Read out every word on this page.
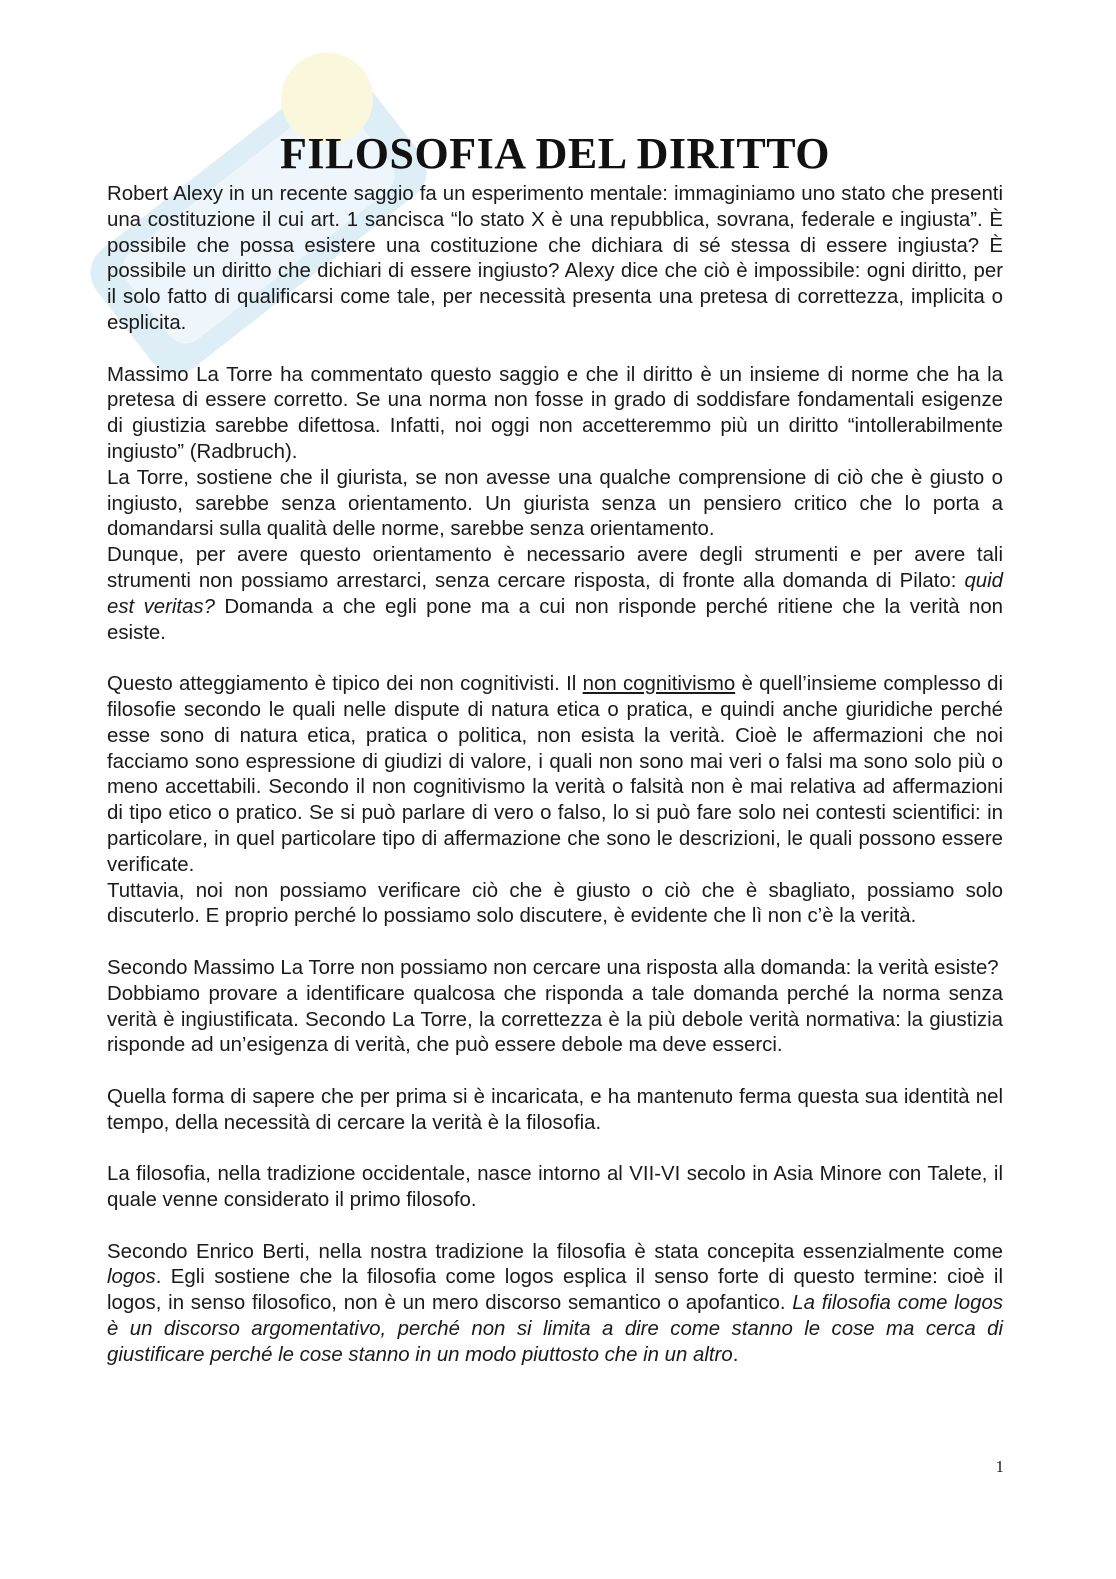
FILOSOFIA DEL DIRITTO

Robert Alexy in un recente saggio fa un esperimento mentale: immaginiamo uno stato che presenti una costituzione il cui art. 1 sancisca “lo stato X è una repubblica, sovrana, federale e ingiusta”. È possibile che possa esistere una costituzione che dichiara di sé stessa di essere ingiusta? È possibile un diritto che dichiari di essere ingiusto? Alexy dice che ciò è impossibile: ogni diritto, per il solo fatto di qualificarsi come tale, per necessità presenta una pretesa di correttezza, implicita o esplicita.

Massimo La Torre ha commentato questo saggio e che il diritto è un insieme di norme che ha la pretesa di essere corretto. Se una norma non fosse in grado di soddisfare fondamentali esigenze di giustizia sarebbe difettosa. Infatti, noi oggi non accetteremmo più un diritto “intollerabilmente ingiusto” (Radbruch).

La Torre, sostiene che il giurista, se non avesse una qualche comprensione di ciò che è giusto o ingiusto, sarebbe senza orientamento. Un giurista senza un pensiero critico che lo porta a domandarsi sulla qualità delle norme, sarebbe senza orientamento.

Dunque, per avere questo orientamento è necessario avere degli strumenti e per avere tali strumenti non possiamo arrestarci, senza cercare risposta, di fronte alla domanda di Pilato: quid est veritas? Domanda a che egli pone ma a cui non risponde perché ritiene che la verità non esiste.

Questo atteggiamento è tipico dei non cognitivisti. Il non cognitivismo è quell’insieme complesso di filosofie secondo le quali nelle dispute di natura etica o pratica, e quindi anche giuridiche perché esse sono di natura etica, pratica o politica, non esista la verità. Cioè le affermazioni che noi facciamo sono espressione di giudizi di valore, i quali non sono mai veri o falsi ma sono solo più o meno accettabili. Secondo il non cognitivismo la verità o falsità non è mai relativa ad affermazioni di tipo etico o pratico. Se si può parlare di vero o falso, lo si può fare solo nei contesti scientifici: in particolare, in quel particolare tipo di affermazione che sono le descrizioni, le quali possono essere verificate.

Tuttavia, noi non possiamo verificare ciò che è giusto o ciò che è sbagliato, possiamo solo discuterlo. E proprio perché lo possiamo solo discutere, è evidente che lì non c’è la verità.

Secondo Massimo La Torre non possiamo non cercare una risposta alla domanda: la verità esiste?

Dobbiamo provare a identificare qualcosa che risponda a tale domanda perché la norma senza verità è ingiustificata. Secondo La Torre, la correttezza è la più debole verità normativa: la giustizia risponde ad un’esigenza di verità, che può essere debole ma deve esserci.

Quella forma di sapere che per prima si è incaricata, e ha mantenuto ferma questa sua identità nel tempo, della necessità di cercare la verità è la filosofia.

La filosofia, nella tradizione occidentale, nasce intorno al VII-VI secolo in Asia Minore con Talete, il quale venne considerato il primo filosofo.

Secondo Enrico Berti, nella nostra tradizione la filosofia è stata concepita essenzialmente come logos. Egli sostiene che la filosofia come logos esplica il senso forte di questo termine: cioè il logos, in senso filosofico, non è un mero discorso semantico o apofantico. La filosofia come logos è un discorso argomentativo, perché non si limita a dire come stanno le cose ma cerca di giustificare perché le cose stanno in un modo piuttosto che in un altro.

1
